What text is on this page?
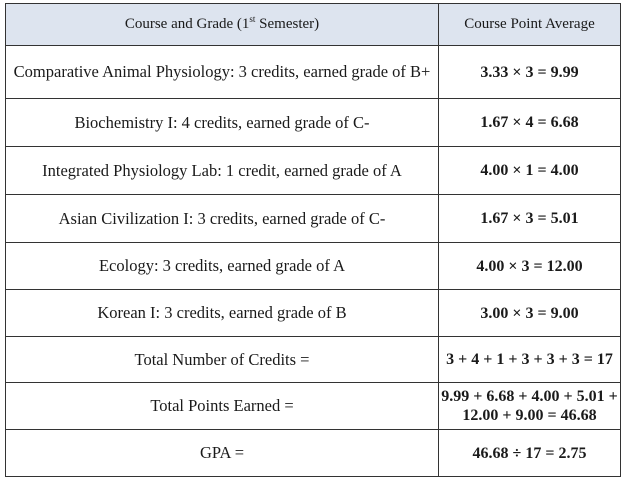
Course and Grade (1st Semester)	Course Point Average
Comparative Animal Physiology: 3 credits, earned grade of B+	3.33 × 3 = 9.99
Biochemistry I: 4 credits, earned grade of C-	1.67 × 4 = 6.68
Integrated Physiology Lab: 1 credit, earned grade of A	4.00 × 1 = 4.00
Asian Civilization I: 3 credits, earned grade of C-	1.67 × 3 = 5.01
Ecology: 3 credits, earned grade of A	4.00 × 3 = 12.00
Korean I: 3 credits, earned grade of B	3.00 × 3 = 9.00
Total Number of Credits =	3 + 4 + 1 + 3 + 3 + 3 = 17
Total Points Earned =	9.99 + 6.68 + 4.00 + 5.01 + 12.00 + 9.00 = 46.68
GPA =	46.68 ÷ 17 = 2.75
